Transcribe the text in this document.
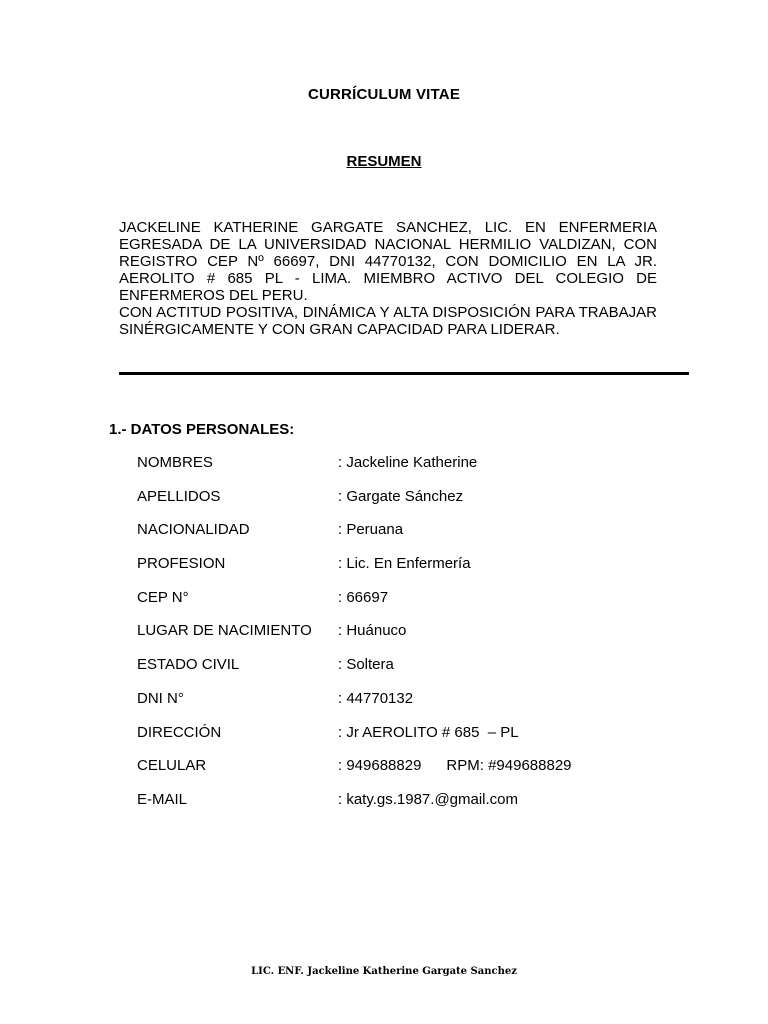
CURRÍCULUM VITAE
RESUMEN

JACKELINE KATHERINE GARGATE SANCHEZ, LIC. EN ENFERMERIA EGRESADA DE LA UNIVERSIDAD NACIONAL HERMILIO VALDIZAN, CON REGISTRO CEP Nº 66697, DNI 44770132, CON DOMICILIO EN LA JR. AEROLITO # 685 PL - LIMA. MIEMBRO ACTIVO DEL COLEGIO DE ENFERMEROS DEL PERU.

CON ACTITUD POSITIVA, DINÁMICA Y ALTA DISPOSICIÓN PARA TRABAJAR SINÉRGICAMENTE Y CON GRAN CAPACIDAD PARA LIDERAR.

1.- DATOS PERSONALES:
NOMBRES	: Jackeline Katherine
APELLIDOS	: Gargate Sánchez
NACIONALIDAD	: Peruana
PROFESION	: Lic. En Enfermería
CEP N°	: 66697
LUGAR DE NACIMIENTO : Huánuco
ESTADO CIVIL	: Soltera
DNI N°	: 44770132
DIRECCIÓN	: Jr AEROLITO # 685  – PL
CELULAR	: 949688829      RPM: #949688829
E-MAIL	: katy.gs.1987.@gmail.com
LIC. ENF. Jackeline Katherine Gargate Sanchez
